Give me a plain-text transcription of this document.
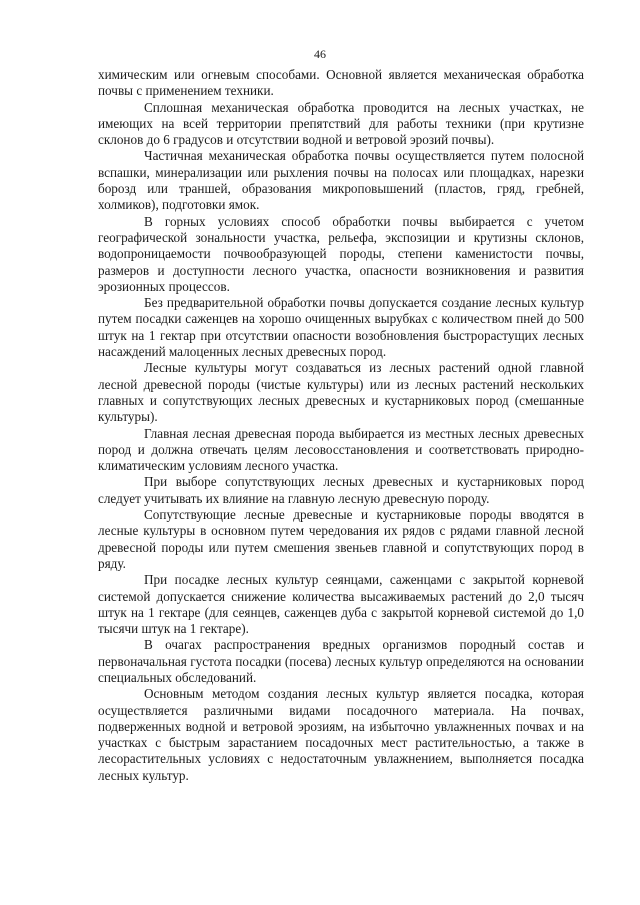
46

химическим или огневым способами. Основной является механическая обработка почвы с применением техники.

Сплошная механическая обработка проводится на лесных участках, не имеющих на всей территории препятствий для работы техники (при крутизне склонов до 6 градусов и отсутствии водной и ветровой эрозий почвы).

Частичная механическая обработка почвы осуществляется путем полосной вспашки, минерализации или рыхления почвы на полосах или площадках, нарезки борозд или траншей, образования микроповышений (пластов, гряд, гребней, холмиков), подготовки ямок.

В горных условиях способ обработки почвы выбирается с учетом географической зональности участка, рельефа, экспозиции и крутизны склонов, водопроницаемости почвообразующей породы, степени каменистости почвы, размеров и доступности лесного участка, опасности возникновения и развития эрозионных процессов.

Без предварительной обработки почвы допускается создание лесных культур путем посадки саженцев на хорошо очищенных вырубках с количеством пней до 500 штук на 1 гектар при отсутствии опасности возобновления быстрорастущих лесных насаждений малоценных лесных древесных пород.

Лесные культуры могут создаваться из лесных растений одной главной лесной древесной породы (чистые культуры) или из лесных растений нескольких главных и сопутствующих лесных древесных и кустарниковых пород (смешанные культуры).

Главная лесная древесная порода выбирается из местных лесных древесных пород и должна отвечать целям лесовосстановления и соответствовать природно-климатическим условиям лесного участка.

При выборе сопутствующих лесных древесных и кустарниковых пород следует учитывать их влияние на главную лесную древесную породу.

Сопутствующие лесные древесные и кустарниковые породы вводятся в лесные культуры в основном путем чередования их рядов с рядами главной лесной древесной породы или путем смешения звеньев главной и сопутствующих пород в ряду.

При посадке лесных культур сеянцами, саженцами с закрытой корневой системой допускается снижение количества высаживаемых растений до 2,0 тысяч штук на 1 гектаре (для сеянцев, саженцев дуба с закрытой корневой системой до 1,0 тысячи штук на 1 гектаре).

В очагах распространения вредных организмов породный состав и первоначальная густота посадки (посева) лесных культур определяются на основании специальных обследований.

Основным методом создания лесных культур является посадка, которая осуществляется различными видами посадочного материала. На почвах, подверженных водной и ветровой эрозиям, на избыточно увлажненных почвах и на участках с быстрым зарастанием посадочных мест растительностью, а также в лесорастительных условиях с недостаточным увлажнением, выполняется посадка лесных культур.
